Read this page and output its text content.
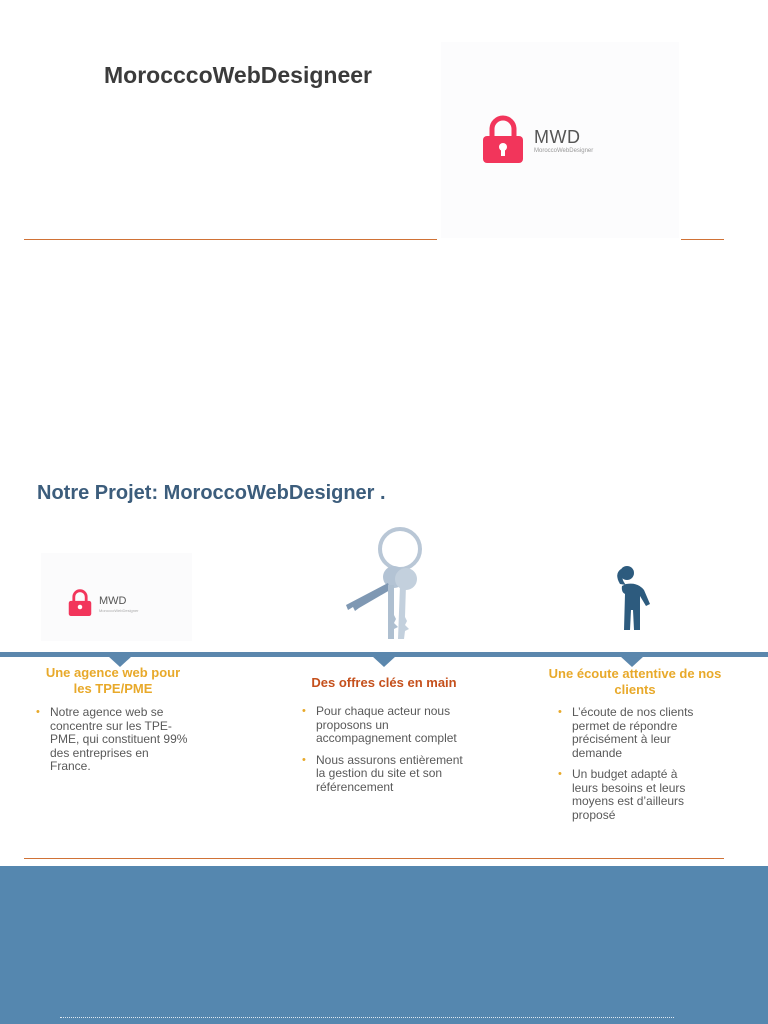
MorocccoWebDesigneer
MWD
MoroccoWebDesigner
Notre Projet: MoroccoWebDesigner .
MWD
MoroccoWebDesigner
Une agence web pour les TPE/PME
• Notre agence web se concentre sur les TPE-PME, qui constituent 99% des entreprises en France.
Des offres clés en main
• Pour chaque acteur nous proposons un accompagnement complet
• Nous assurons entièrement la gestion du site et son référencement
Une écoute attentive de nos clients
• L’écoute de nos clients permet de répondre précisément à leur demande
• Un budget adapté à leurs besoins et leurs moyens est d’ailleurs proposé
